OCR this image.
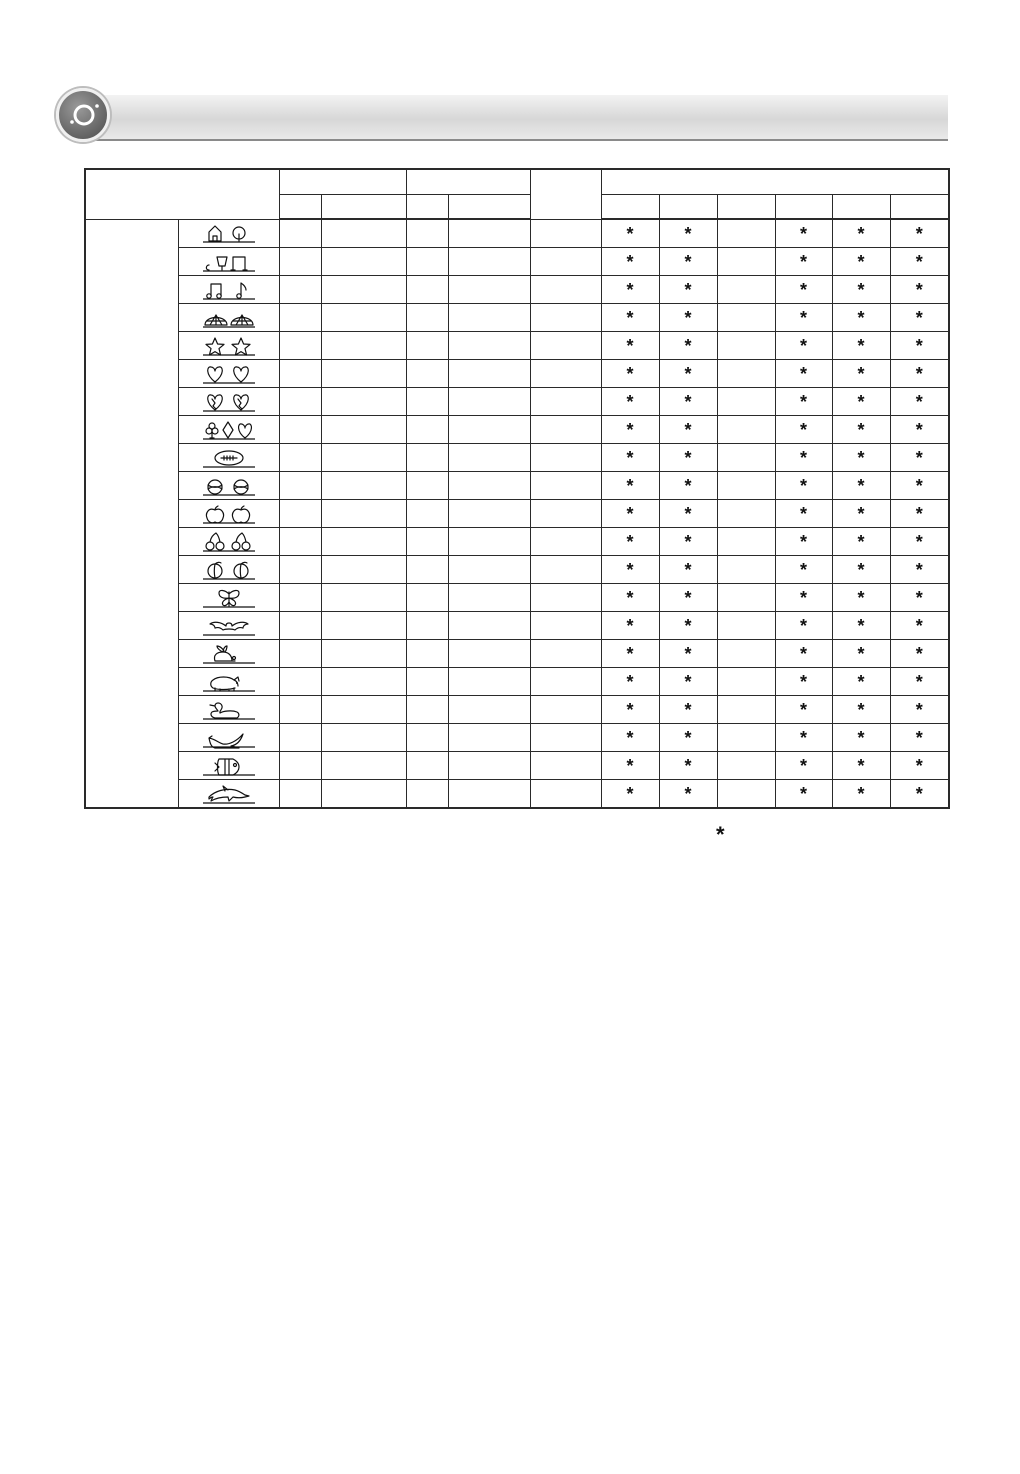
							*	*		*	*	*
						*	*		*	*	*
						*	*		*	*	*
						*	*		*	*	*
						*	*		*	*	*
						*	*		*	*	*
						*	*		*	*	*
						*	*		*	*	*
						*	*		*	*	*
						*	*		*	*	*
						*	*		*	*	*
						*	*		*	*	*
						*	*		*	*	*
						*	*		*	*	*
						*	*		*	*	*
						*	*		*	*	*
						*	*		*	*	*
						*	*		*	*	*
						*	*		*	*	*
						*	*		*	*	*
						*	*		*	*	*
*
